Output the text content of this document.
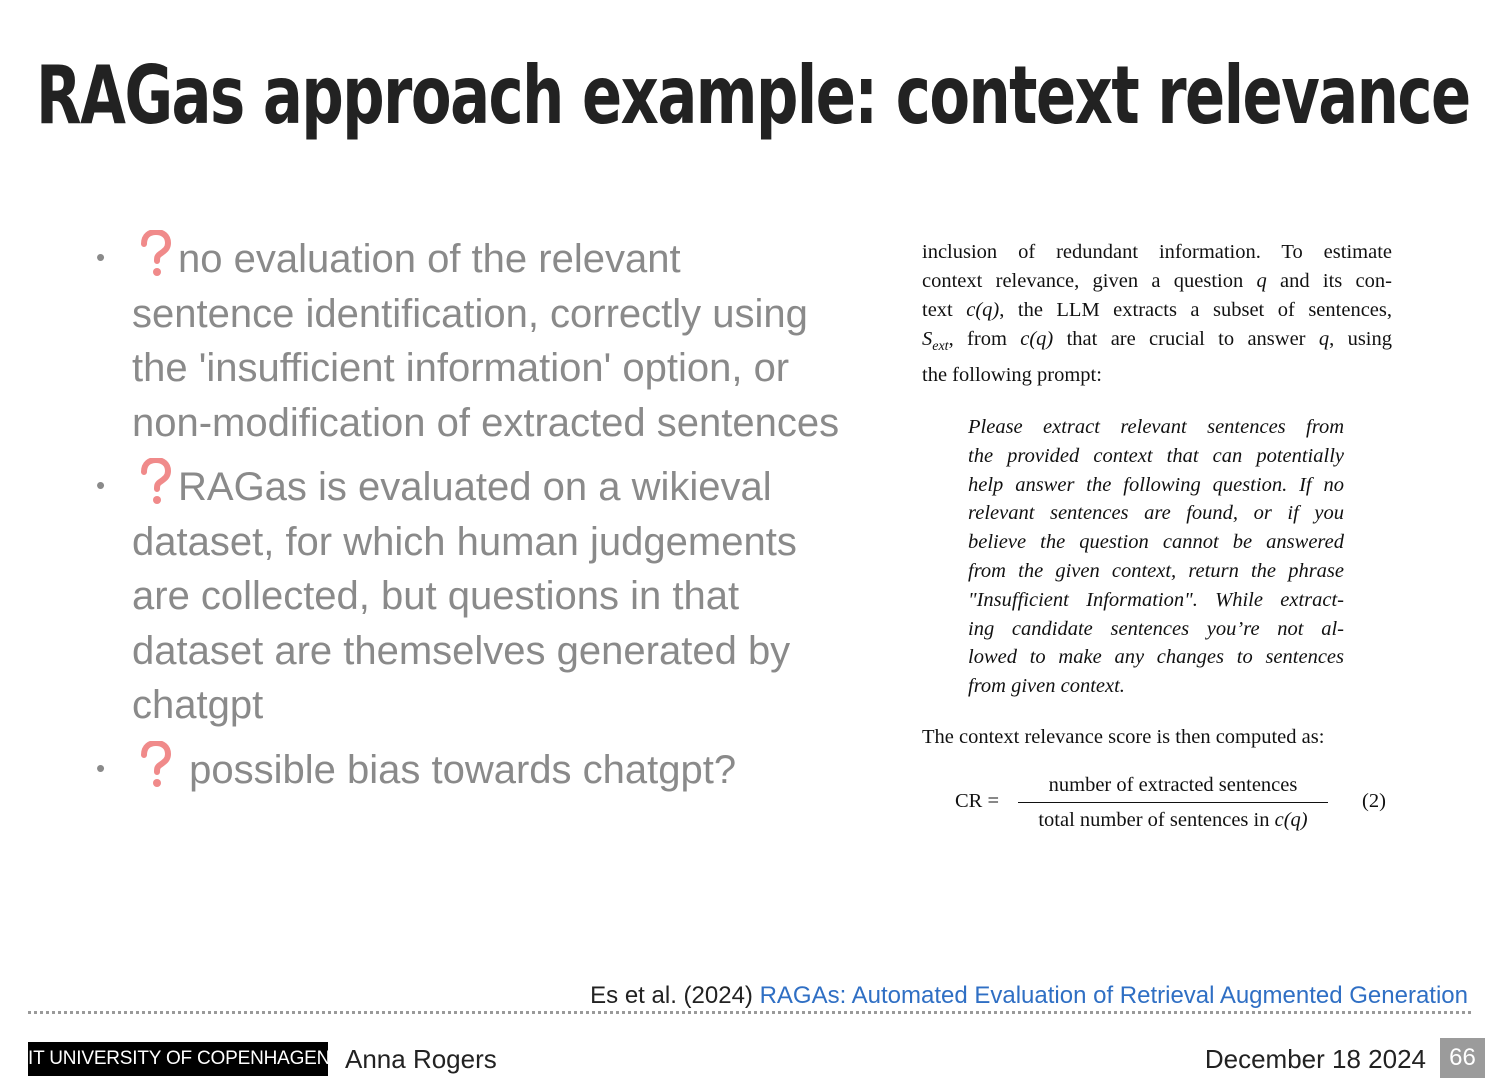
RAGas approach example: context relevance
• no evaluation of the relevant sentence identification, correctly using the 'insufficient information' option, or non-modification of extracted sentences
• RAGas is evaluated on a wikieval dataset, for which human judgements are collected, but questions in that dataset are themselves generated by chatgpt
• possible bias towards chatgpt?
inclusion of redundant information. To estimate
context relevance, given a question q and its con-
text c(q), the LLM extracts a subset of sentences,
$S_{ext}$, from c(q) that are crucial to answer q, using
the following prompt:
Please extract relevant sentences from
the provided context that can potentially
help answer the following question. If no
relevant sentences are found, or if you
believe the question cannot be answered
from the given context, return the phrase
"Insufficient Information". While extract-
ing candidate sentences you’re not al-
lowed to make any changes to sentences
from given context.
The context relevance score is then computed as:
CR =
number of extracted sentences
total number of sentences in c(q)
(2)
Es et al. (2024) RAGAs: Automated Evaluation of Retrieval Augmented Generation
IT UNIVERSITY OF COPENHAGEN Anna Rogers	December 18 2024 66
